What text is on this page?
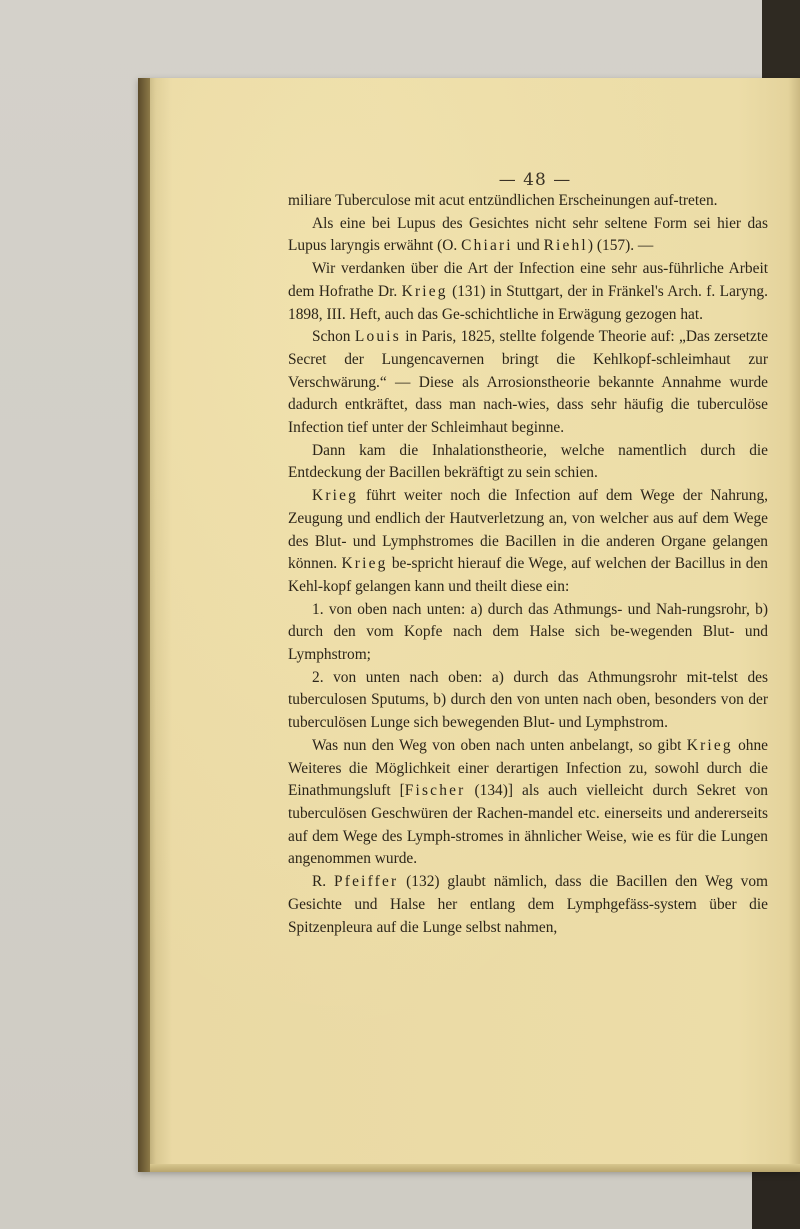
— 48 —

miliare Tuberculose mit acut entzündlichen Erscheinungen auf-treten.

Als eine bei Lupus des Gesichtes nicht sehr seltene Form sei hier das Lupus laryngis erwähnt (O. Chiari und Riehl) (157). —

Wir verdanken über die Art der Infection eine sehr aus-führliche Arbeit dem Hofrathe Dr. Krieg (131) in Stuttgart, der in Fränkel's Arch. f. Laryng. 1898, III. Heft, auch das Ge-schichtliche in Erwägung gezogen hat.

Schon Louis in Paris, 1825, stellte folgende Theorie auf: „Das zersetzte Secret der Lungencavernen bringt die Kehlkopf-schleimhaut zur Verschwärung.“ — Diese als Arrosionstheorie bekannte Annahme wurde dadurch entkräftet, dass man nach-wies, dass sehr häufig die tuberculöse Infection tief unter der Schleimhaut beginne.

Dann kam die Inhalationstheorie, welche namentlich durch die Entdeckung der Bacillen bekräftigt zu sein schien.

Krieg führt weiter noch die Infection auf dem Wege der Nahrung, Zeugung und endlich der Hautverletzung an, von welcher aus auf dem Wege des Blut- und Lymphstromes die Bacillen in die anderen Organe gelangen können. Krieg be-spricht hierauf die Wege, auf welchen der Bacillus in den Kehl-kopf gelangen kann und theilt diese ein:

1. von oben nach unten: a) durch das Athmungs- und Nah-rungsrohr, b) durch den vom Kopfe nach dem Halse sich be-wegenden Blut- und Lymphstrom;

2. von unten nach oben: a) durch das Athmungsrohr mit-telst des tuberculosen Sputums, b) durch den von unten nach oben, besonders von der tuberculösen Lunge sich bewegenden Blut- und Lymphstrom.

Was nun den Weg von oben nach unten anbelangt, so gibt Krieg ohne Weiteres die Möglichkeit einer derartigen Infection zu, sowohl durch die Einathmungsluft [Fischer (134)] als auch vielleicht durch Sekret von tuberculösen Geschwüren der Rachen-mandel etc. einerseits und andererseits auf dem Wege des Lymph-stromes in ähnlicher Weise, wie es für die Lungen angenommen wurde.

R. Pfeiffer (132) glaubt nämlich, dass die Bacillen den Weg vom Gesichte und Halse her entlang dem Lymphgefäss-system über die Spitzenpleura auf die Lunge selbst nahmen,
